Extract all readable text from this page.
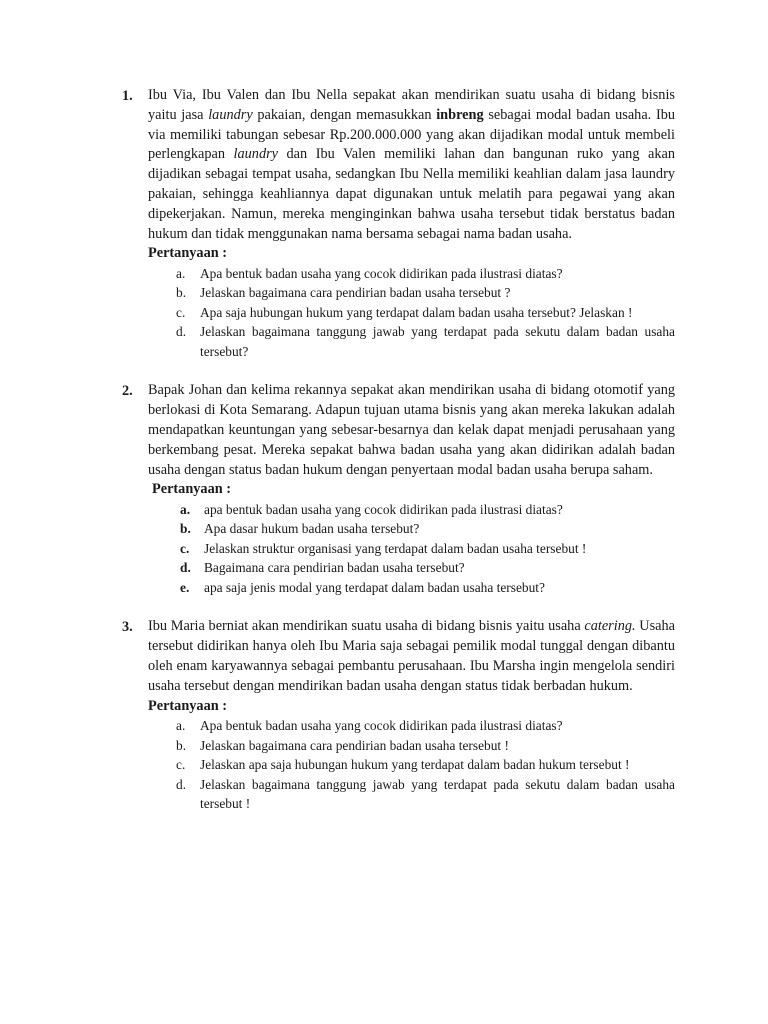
1. Ibu Via, Ibu Valen dan Ibu Nella sepakat akan mendirikan suatu usaha di bidang bisnis yaitu jasa laundry pakaian, dengan memasukkan inbreng sebagai modal badan usaha. Ibu via memiliki tabungan sebesar Rp.200.000.000 yang akan dijadikan modal untuk membeli perlengkapan laundry dan Ibu Valen memiliki lahan dan bangunan ruko yang akan dijadikan sebagai tempat usaha, sedangkan Ibu Nella memiliki keahlian dalam jasa laundry pakaian, sehingga keahliannya dapat digunakan untuk melatih para pegawai yang akan dipekerjakan. Namun, mereka menginginkan bahwa usaha tersebut tidak berstatus badan hukum dan tidak menggunakan nama bersama sebagai nama badan usaha.

Pertanyaan :

a. Apa bentuk badan usaha yang cocok didirikan pada ilustrasi diatas?
b. Jelaskan bagaimana cara pendirian badan usaha tersebut ?
c. Apa saja hubungan hukum yang terdapat dalam badan usaha tersebut? Jelaskan !
d. Jelaskan bagaimana tanggung jawab yang terdapat pada sekutu dalam badan usaha tersebut?
2. Bapak Johan dan kelima rekannya sepakat akan mendirikan usaha di bidang otomotif yang berlokasi di Kota Semarang. Adapun tujuan utama bisnis yang akan mereka lakukan adalah mendapatkan keuntungan yang sebesar-besarnya dan kelak dapat menjadi perusahaan yang berkembang pesat. Mereka sepakat bahwa badan usaha yang akan didirikan adalah badan usaha dengan status badan hukum dengan penyertaan modal badan usaha berupa saham.

Pertanyaan :

a. apa bentuk badan usaha yang cocok didirikan pada ilustrasi diatas?
b. Apa dasar hukum badan usaha tersebut?
c. Jelaskan struktur organisasi yang terdapat dalam badan usaha tersebut !
d. Bagaimana cara pendirian badan usaha tersebut?
e. apa saja jenis modal yang terdapat dalam badan usaha tersebut?
3. Ibu Maria berniat akan mendirikan suatu usaha di bidang bisnis yaitu usaha catering. Usaha tersebut didirikan hanya oleh Ibu Maria saja sebagai pemilik modal tunggal dengan dibantu oleh enam karyawannya sebagai pembantu perusahaan. Ibu Marsha ingin mengelola sendiri usaha tersebut dengan mendirikan badan usaha dengan status tidak berbadan hukum.

Pertanyaan :

a. Apa bentuk badan usaha yang cocok didirikan pada ilustrasi diatas?
b. Jelaskan bagaimana cara pendirian badan usaha tersebut !
c. Jelaskan apa saja hubungan hukum yang terdapat dalam badan hukum tersebut !
d. Jelaskan bagaimana tanggung jawab yang terdapat pada sekutu dalam badan usaha tersebut !
